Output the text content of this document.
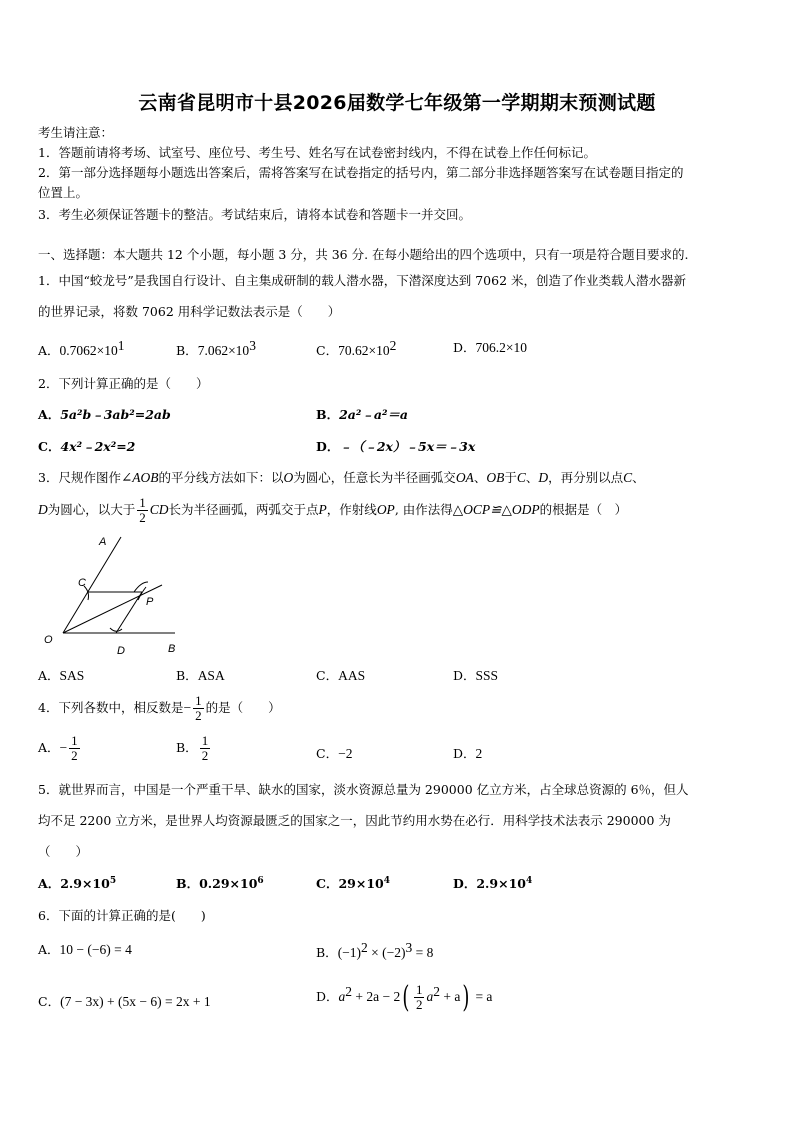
云南省昆明市十县2026届数学七年级第一学期期末预测试题
考生请注意：
1．答题前请将考场、试室号、座位号、考生号、姓名写在试卷密封线内，不得在试卷上作任何标记。
2．第一部分选择题每小题选出答案后，需将答案写在试卷指定的括号内，第二部分非选择题答案写在试卷题目指定的
位置上。
3．考生必须保证答题卡的整洁。考试结束后，请将本试卷和答题卡一并交回。
一、选择题：本大题共 12 个小题，每小题 3 分，共 36 分. 在每小题给出的四个选项中，只有一项是符合题目要求的.
1．中国“蛟龙号”是我国自行设计、自主集成研制的载人潜水器，下潜深度达到 7062 米，创造了作业类载人潜水器新
的世界记录，将数 7062 用科学记数法表示是（　　）
A．$0.7062\times 10^1$	B．$7.062\times 10^3$	C．$70.62\times 10^2$	D．706.2×10
2．下列计算正确的是（　　）
A．5a²b﹣3ab²=2ab	B．2a²﹣a²＝a
C．4x²﹣2x²=2	D．﹣（﹣2x）﹣5x＝﹣3x
3．尺规作图作∠AOB的平分线方法如下：以O为圆心，任意长为半径画弧交OA、OB于C、D，再分别以点C、
D为圆心，以大于 $\frac{1}{2}$ CD长为半径画弧，两弧交于点P，作射线OP, 由作法得△OCP≌△ODP的根据是（　）
A
C
P
O
D	B
A．SAS	B．ASA	C．AAS	D．SSS
4．下列各数中，相反数是− $\frac{1}{2}$ 的是（　　）
A．− $\frac{1}{2}$	B． $\frac{1}{2}$	C．−2	D．2
5．就世界而言，中国是一个严重干旱、缺水的国家，淡水资源总量为 290000 亿立方米，占全球总资源的 6％，但人
均不足 2200 立方米，是世界人均资源最匮乏的国家之一，因此节约用水势在必行．用科学技术法表示 290000 为
（　　）
A．$2.9\times 10^5$	B．$0.29\times 10^6$	C．$29\times 10^4$	D．$2.9\times 10^4$
6．下面的计算正确的是(　　)
A．10 − (−6) = 4	B．$(-1)^2 \times (-2)^3 = 8$
C．(7 − 3x) + (5x − 6) = 2x + 1	D．$a^2 + 2a - 2( \frac{1}{2} a^2 + a) = a$
